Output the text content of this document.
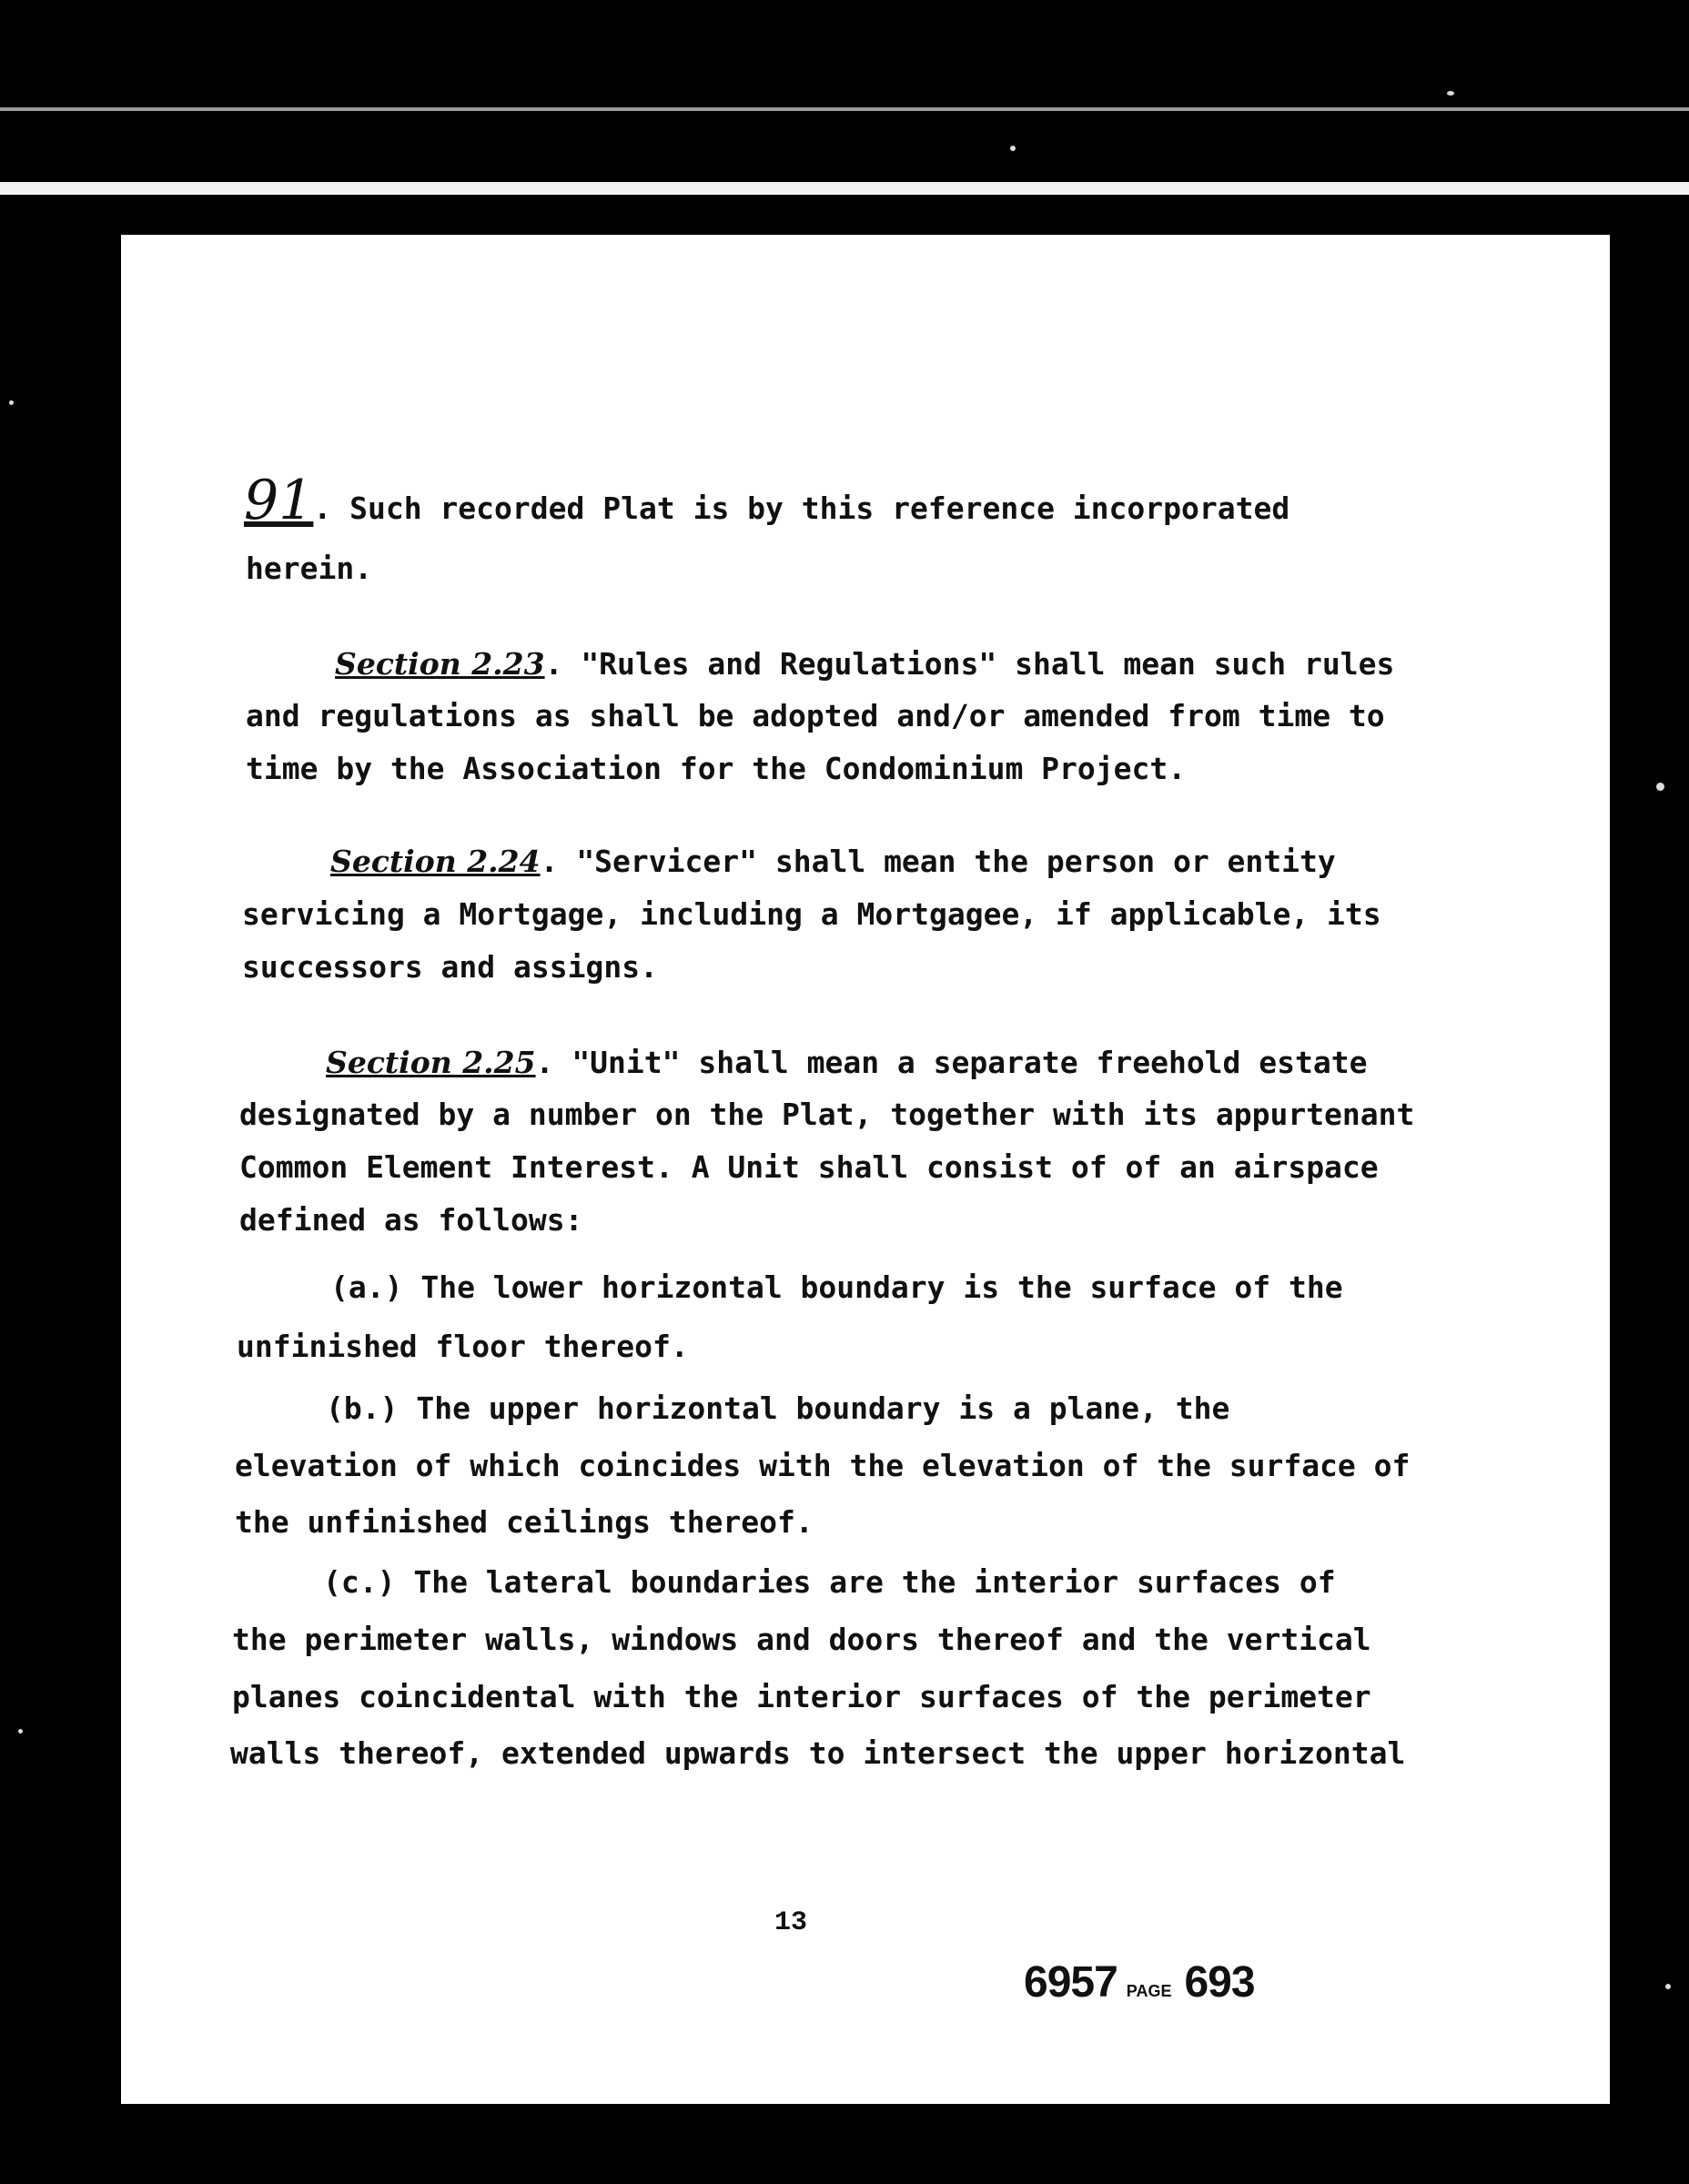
91. Such recorded Plat is by this reference incorporated
herein.
Section 2.23. "Rules and Regulations" shall mean such rules
and regulations as shall be adopted and/or amended from time to
time by the Association for the Condominium Project.
Section 2.24. "Servicer" shall mean the person or entity
servicing a Mortgage, including a Mortgagee, if applicable, its
successors and assigns.
Section 2.25. "Unit" shall mean a separate freehold estate
designated by a number on the Plat, together with its appurtenant
Common Element Interest. A Unit shall consist of of an airspace
defined as follows:
(a.) The lower horizontal boundary is the surface of the
unfinished floor thereof.
(b.) The upper horizontal boundary is a plane, the
elevation of which coincides with the elevation of the surface of
the unfinished ceilings thereof.
(c.) The lateral boundaries are the interior surfaces of
the perimeter walls, windows and doors thereof and the vertical
planes coincidental with the interior surfaces of the perimeter
walls thereof, extended upwards to intersect the upper horizontal
13
6957 PAGE 693
